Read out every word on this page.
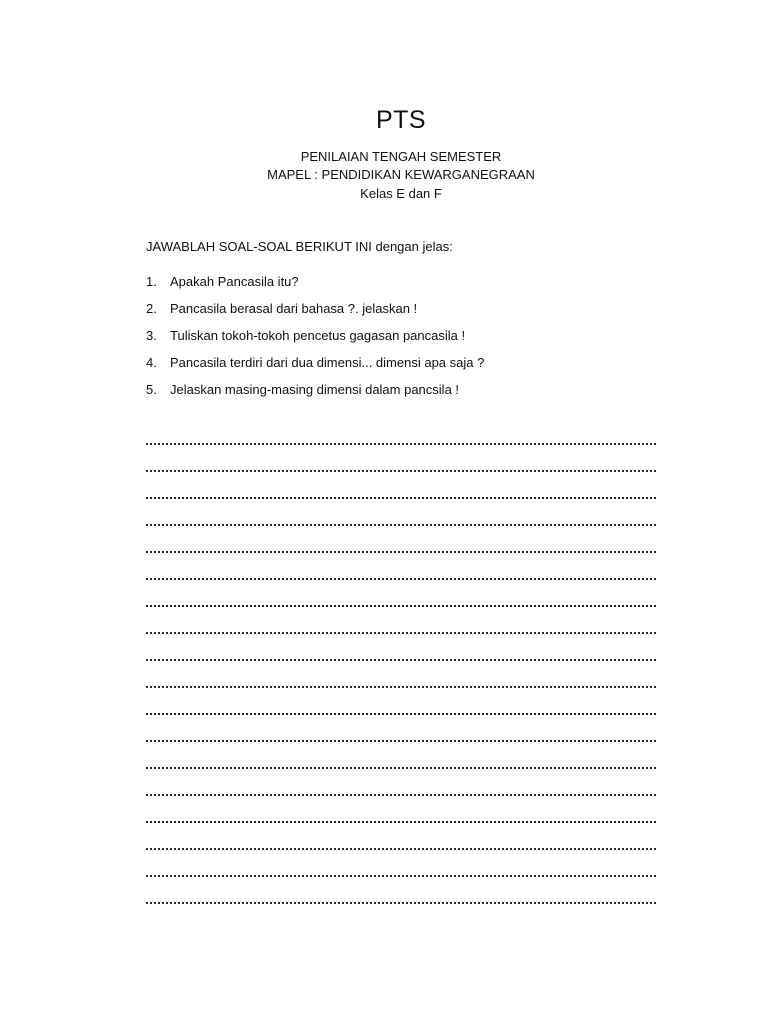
PTS
PENILAIAN TENGAH SEMESTER
MAPEL : PENDIDIKAN KEWARGANEGRAAN
Kelas E dan F
JAWABLAH SOAL-SOAL BERIKUT INI dengan jelas:
1.	Apakah Pancasila itu?
2.	Pancasila berasal dari bahasa ?. jelaskan !
3.	Tuliskan tokoh-tokoh pencetus gagasan pancasila !
4.	Pancasila terdiri dari dua dimensi... dimensi apa saja ?
5.	Jelaskan masing-masing dimensi dalam pancsila !
